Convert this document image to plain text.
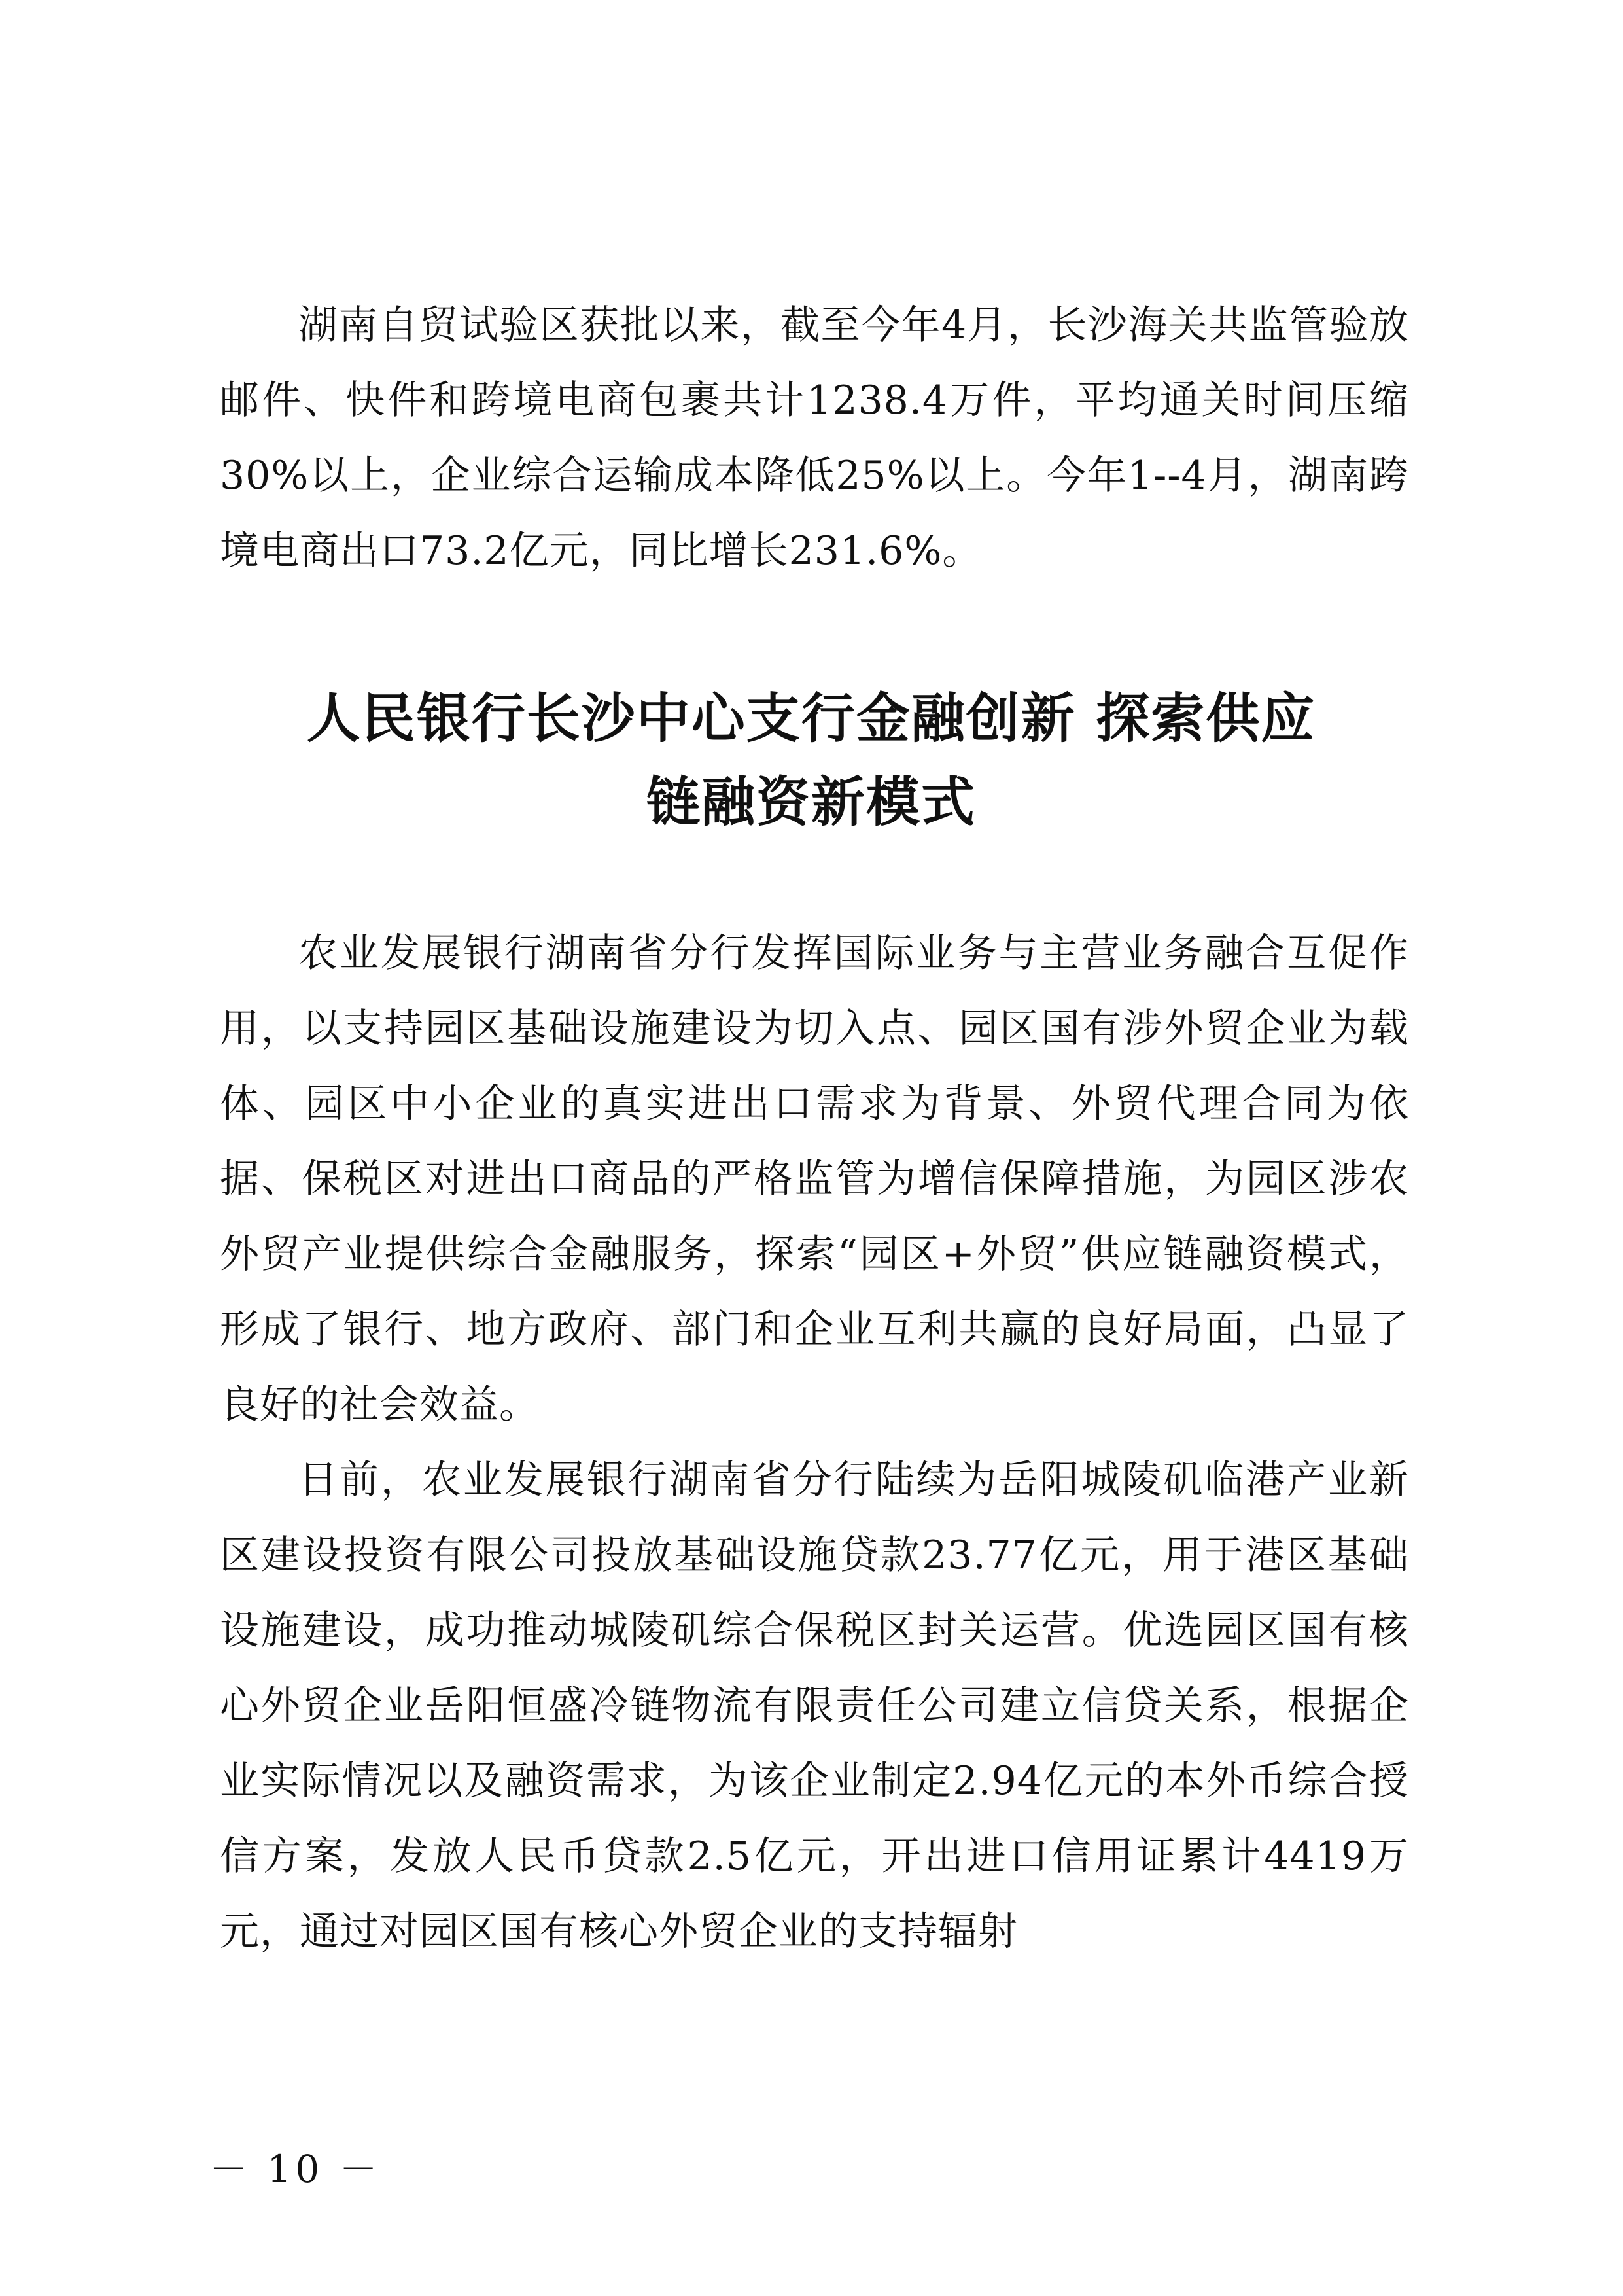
湖南自贸试验区获批以来，截至今年4月，长沙海关共监管验放邮件、快件和跨境电商包裹共计1238.4万件，平均通关时间压缩30%以上，企业综合运输成本降低25%以上。今年1--4月，湖南跨境电商出口73.2亿元，同比增长231.6%。

人民银行长沙中心支行金融创新 探索供应
链融资新模式

农业发展银行湖南省分行发挥国际业务与主营业务融合互促作用，以支持园区基础设施建设为切入点、园区国有涉外贸企业为载体、园区中小企业的真实进出口需求为背景、外贸代理合同为依据、保税区对进出口商品的严格监管为增信保障措施，为园区涉农外贸产业提供综合金融服务，探索“园区+外贸”供应链融资模式，形成了银行、地方政府、部门和企业互利共赢的良好局面，凸显了良好的社会效益。

日前，农业发展银行湖南省分行陆续为岳阳城陵矶临港产业新区建设投资有限公司投放基础设施贷款23.77亿元，用于港区基础设施建设，成功推动城陵矶综合保税区封关运营。优选园区国有核心外贸企业岳阳恒盛冷链物流有限责任公司建立信贷关系，根据企业实际情况以及融资需求，为该企业制定2.94亿元的本外币综合授信方案，发放人民币贷款2.5亿元，开出进口信用证累计4419万元，通过对园区国有核心外贸企业的支持辐射

－ 10 －
